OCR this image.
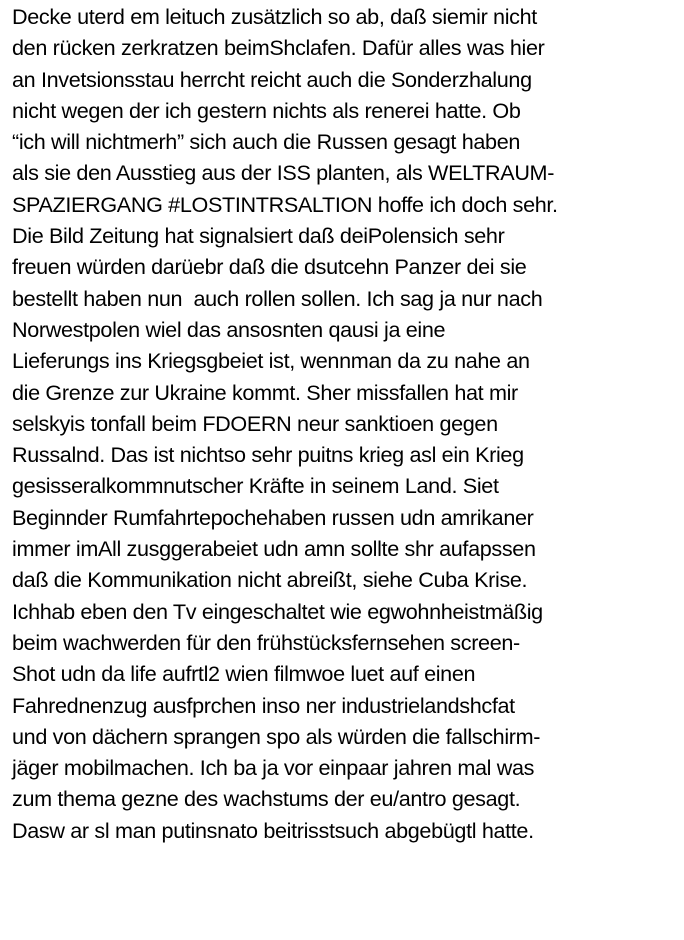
Decke uterd em leituch zusätzlich so ab, daß siemir nicht
den rücken zerkratzen beimShclafen. Dafür alles was hier
an Invetsionsstau herrcht reicht auch die Sonderzhalung
nicht wegen der ich gestern nichts als renerei hatte. Ob
“ich will nichtmerh” sich auch die Russen gesagt haben
als sie den Ausstieg aus der ISS planten, als WELTRAUM-
SPAZIERGANG #LOSTINTRSALTION hoffe ich doch sehr.
Die Bild Zeitung hat signalsiert daß deiPolensich sehr
freuen würden darüebr daß die dsutcehn Panzer dei sie
bestellt haben nun  auch rollen sollen. Ich sag ja nur nach
Norwestpolen wiel das ansosnten qausi ja eine
Lieferungs ins Kriegsgbeiet ist, wennman da zu nahe an
die Grenze zur Ukraine kommt. Sher missfallen hat mir
selskyis tonfall beim FDOERN neur sanktioen gegen
Russalnd. Das ist nichtso sehr puitns krieg asl ein Krieg
gesisseralkommnutscher Kräfte in seinem Land. Siet
Beginnder Rumfahrtepochehaben russen udn amrikaner
immer imAll zusggerabeiet udn amn sollte shr aufapssen
daß die Kommunikation nicht abreißt, siehe Cuba Krise.
Ichhab eben den Tv eingeschaltet wie egwohnheistmäßig
beim wachwerden für den frühstücksfernsehen screen-
Shot udn da life aufrtl2 wien filmwoe luet auf einen
Fahrednenzug ausfprchen inso ner industrielandshcfat
und von dächern sprangen spo als würden die fallschirm-
jäger mobilmachen. Ich ba ja vor einpaar jahren mal was
zum thema gezne des wachstums der eu/antro gesagt.
Dasw ar sl man putinsnato beitrisstsuch abgebügtl hatte.
